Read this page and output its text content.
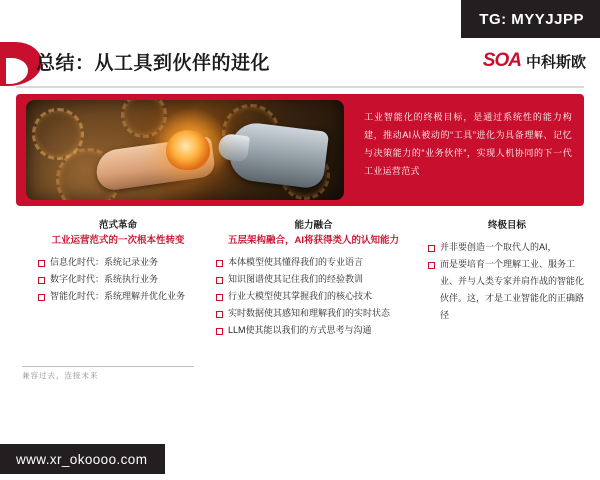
TG: MYYJJPP
总结：从工具到伙伴的进化	SOA 中科斯欧
工业智能化的终极目标，是通过系统性的能力构建，推动AI从被动的“工具”进化为具备理解、记忆与决策能力的“业务伙伴”，实现人机协同的下一代工业运营范式
范式革命
工业运营范式的一次根本性转变
信息化时代：系统记录业务
数字化时代：系统执行业务
智能化时代：系统理解并优化业务
能力融合
五层架构融合，AI将获得类人的认知能力
本体模型使其懂得我们的专业语言
知识图谱使其记住我们的经验教训
行业大模型使其掌握我们的核心技术
实时数据使其感知和理解我们的实时状态
LLM使其能以我们的方式思考与沟通
终极目标
并非要创造一个取代人的AI，
而是要培育一个理解工业、服务工业、并与人类专家并肩作战的智能化伙伴。这，才是工业智能化的正确路径
兼容过去，连接未来
www.xr_okoooo.com
